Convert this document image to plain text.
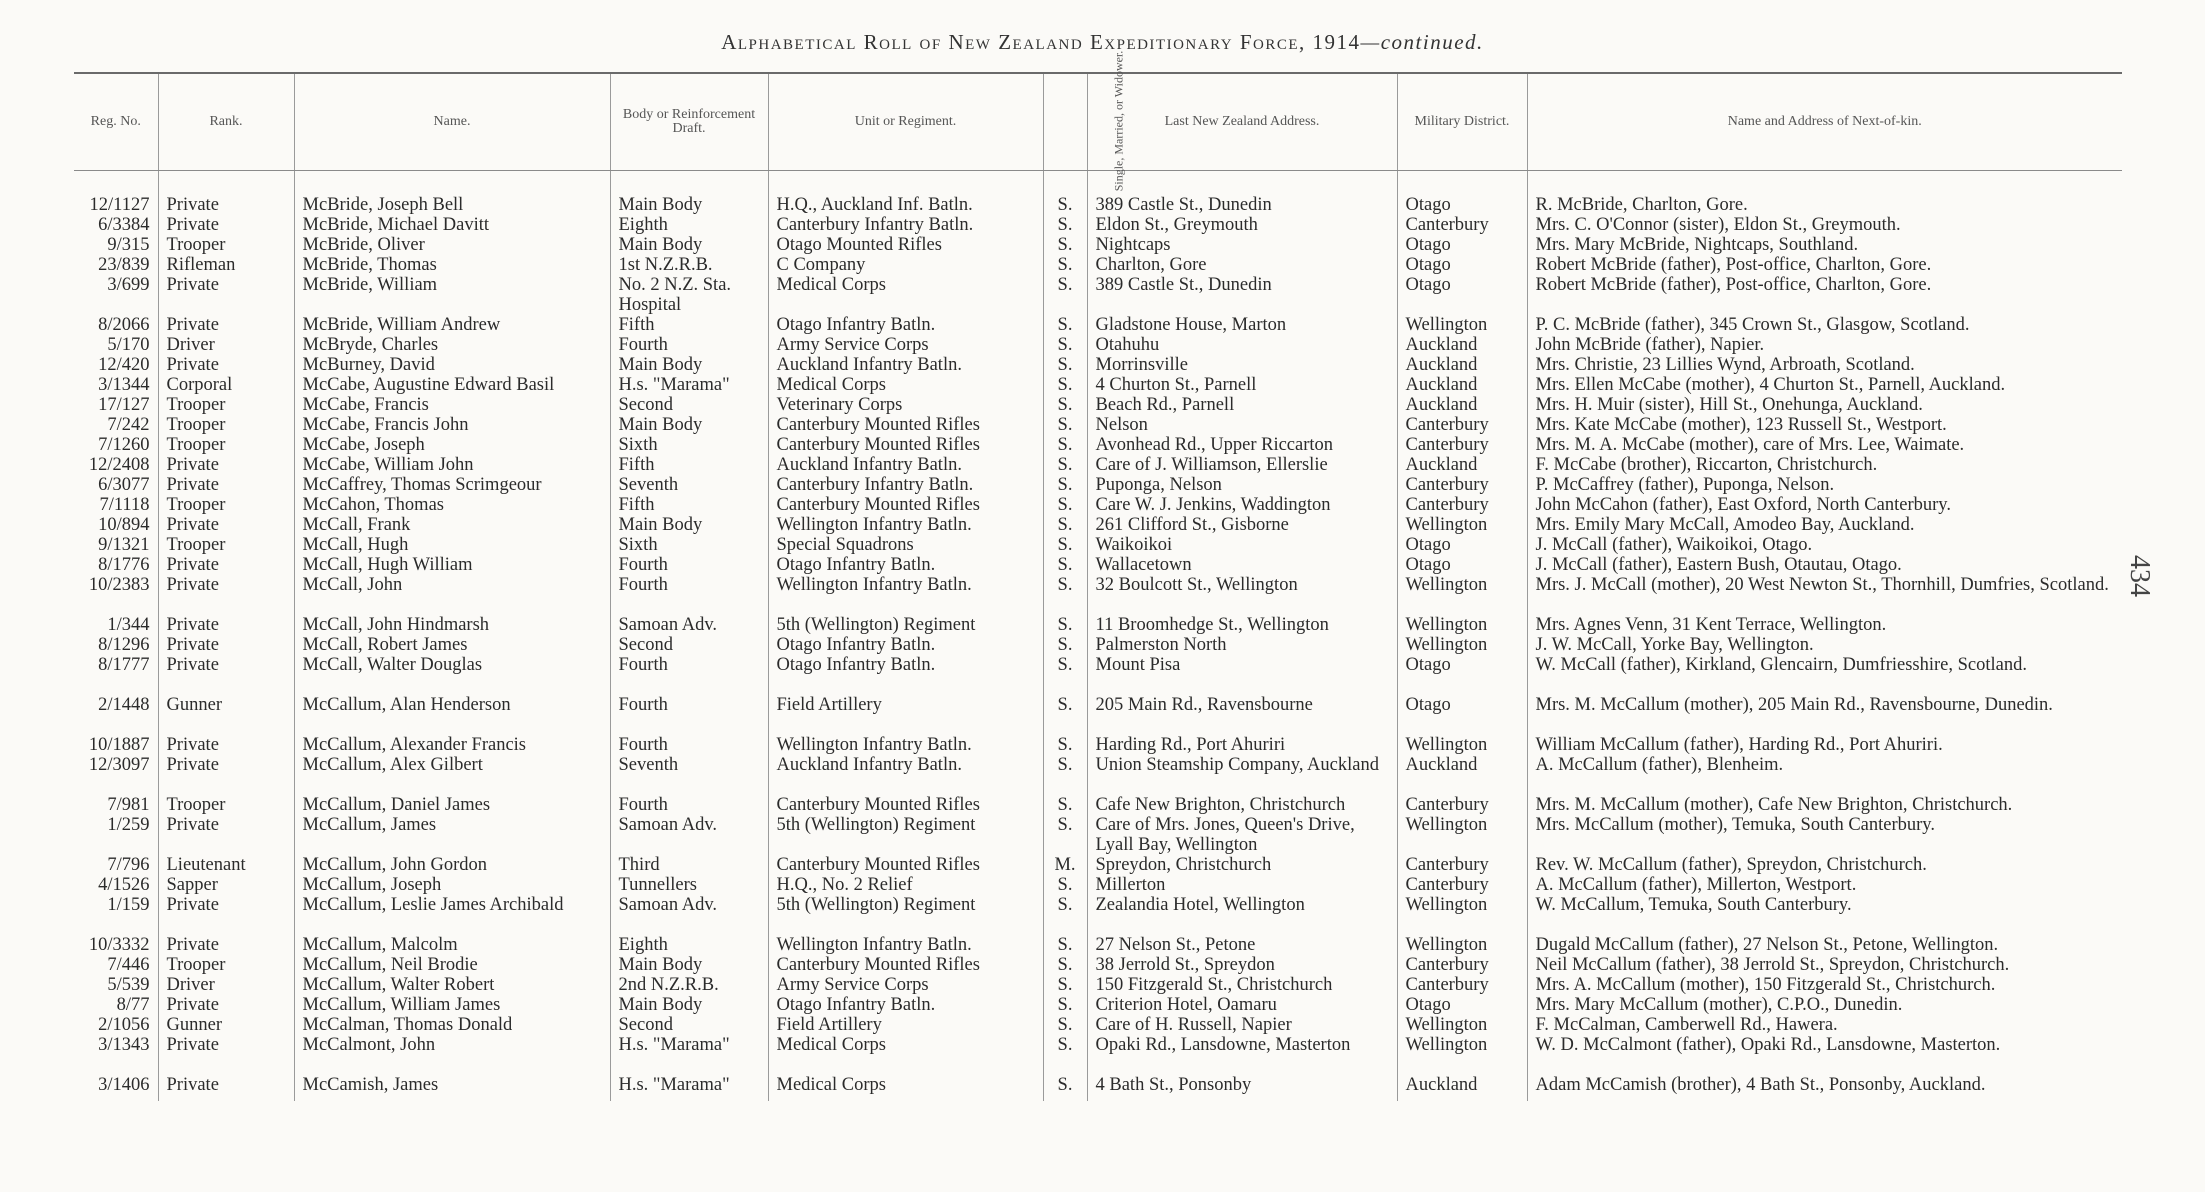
Alphabetical Roll of New Zealand Expeditionary Force, 1914—continued.
434
Reg. No.	Rank.	Name.	Body or Reinforcement Draft.	Unit or Regiment.	Single, Married, or Widower.	Last New Zealand Address.	Military District.	Name and Address of Next-of-kin.
12/1127	Private	McBride, Joseph Bell	Main Body	H.Q., Auckland Inf. Batln.	S.	389 Castle St., Dunedin	Otago	R. McBride, Charlton, Gore.
6/3384	Private	McBride, Michael Davitt	Eighth	Canterbury Infantry Batln.	S.	Eldon St., Greymouth	Canterbury	Mrs. C. O'Connor (sister), Eldon St., Greymouth.
9/315	Trooper	McBride, Oliver	Main Body	Otago Mounted Rifles	S.	Nightcaps	Otago	Mrs. Mary McBride, Nightcaps, Southland.
23/839	Rifleman	McBride, Thomas	1st N.Z.R.B.	C Company	S.	Charlton, Gore	Otago	Robert McBride (father), Post-office, Charlton, Gore.
3/699	Private	McBride, William	No. 2 N.Z. Sta. Hospital	Medical Corps	S.	389 Castle St., Dunedin	Otago	Robert McBride (father), Post-office, Charlton, Gore.
8/2066	Private	McBride, William Andrew	Fifth	Otago Infantry Batln.	S.	Gladstone House, Marton	Wellington	P. C. McBride (father), 345 Crown St., Glasgow, Scotland.
5/170	Driver	McBryde, Charles	Fourth	Army Service Corps	S.	Otahuhu	Auckland	John McBride (father), Napier.
12/420	Private	McBurney, David	Main Body	Auckland Infantry Batln.	S.	Morrinsville	Auckland	Mrs. Christie, 23 Lillies Wynd, Arbroath, Scotland.
3/1344	Corporal	McCabe, Augustine Edward Basil	H.s. "Marama"	Medical Corps	S.	4 Churton St., Parnell	Auckland	Mrs. Ellen McCabe (mother), 4 Churton St., Parnell, Auckland.
17/127	Trooper	McCabe, Francis	Second	Veterinary Corps	S.	Beach Rd., Parnell	Auckland	Mrs. H. Muir (sister), Hill St., Onehunga, Auckland.
7/242	Trooper	McCabe, Francis John	Main Body	Canterbury Mounted Rifles	S.	Nelson	Canterbury	Mrs. Kate McCabe (mother), 123 Russell St., Westport.
7/1260	Trooper	McCabe, Joseph	Sixth	Canterbury Mounted Rifles	S.	Avonhead Rd., Upper Riccarton	Canterbury	Mrs. M. A. McCabe (mother), care of Mrs. Lee, Waimate.
12/2408	Private	McCabe, William John	Fifth	Auckland Infantry Batln.	S.	Care of J. Williamson, Ellerslie	Auckland	F. McCabe (brother), Riccarton, Christchurch.
6/3077	Private	McCaffrey, Thomas Scrimgeour	Seventh	Canterbury Infantry Batln.	S.	Puponga, Nelson	Canterbury	P. McCaffrey (father), Puponga, Nelson.
7/1118	Trooper	McCahon, Thomas	Fifth	Canterbury Mounted Rifles	S.	Care W. J. Jenkins, Waddington	Canterbury	John McCahon (father), East Oxford, North Canterbury.
10/894	Private	McCall, Frank	Main Body	Wellington Infantry Batln.	S.	261 Clifford St., Gisborne	Wellington	Mrs. Emily Mary McCall, Amodeo Bay, Auckland.
9/1321	Trooper	McCall, Hugh	Sixth	Special Squadrons	S.	Waikoikoi	Otago	J. McCall (father), Waikoikoi, Otago.
8/1776	Private	McCall, Hugh William	Fourth	Otago Infantry Batln.	S.	Wallacetown	Otago	J. McCall (father), Eastern Bush, Otautau, Otago.
10/2383	Private	McCall, John	Fourth	Wellington Infantry Batln.	S.	32 Boulcott St., Wellington	Wellington	Mrs. J. McCall (mother), 20 West Newton St., Thornhill, Dumfries, Scotland.
1/344	Private	McCall, John Hindmarsh	Samoan Adv.	5th (Wellington) Regiment	S.	11 Broomhedge St., Wellington	Wellington	Mrs. Agnes Venn, 31 Kent Terrace, Wellington.
8/1296	Private	McCall, Robert James	Second	Otago Infantry Batln.	S.	Palmerston North	Wellington	J. W. McCall, Yorke Bay, Wellington.
8/1777	Private	McCall, Walter Douglas	Fourth	Otago Infantry Batln.	S.	Mount Pisa	Otago	W. McCall (father), Kirkland, Glencairn, Dumfriesshire, Scotland.
2/1448	Gunner	McCallum, Alan Henderson	Fourth	Field Artillery	S.	205 Main Rd., Ravensbourne	Otago	Mrs. M. McCallum (mother), 205 Main Rd., Ravensbourne, Dunedin.
10/1887	Private	McCallum, Alexander Francis	Fourth	Wellington Infantry Batln.	S.	Harding Rd., Port Ahuriri	Wellington	William McCallum (father), Harding Rd., Port Ahuriri.
12/3097	Private	McCallum, Alex Gilbert	Seventh	Auckland Infantry Batln.	S.	Union Steamship Company, Auckland	Auckland	A. McCallum (father), Blenheim.
7/981	Trooper	McCallum, Daniel James	Fourth	Canterbury Mounted Rifles	S.	Cafe New Brighton, Christchurch	Canterbury	Mrs. M. McCallum (mother), Cafe New Brighton, Christchurch.
1/259	Private	McCallum, James	Samoan Adv.	5th (Wellington) Regiment	S.	Care of Mrs. Jones, Queen's Drive, Lyall Bay, Wellington	Wellington	Mrs. McCallum (mother), Temuka, South Canterbury.
7/796	Lieutenant	McCallum, John Gordon	Third	Canterbury Mounted Rifles	M.	Spreydon, Christchurch	Canterbury	Rev. W. McCallum (father), Spreydon, Christchurch.
4/1526	Sapper	McCallum, Joseph	Tunnellers	H.Q., No. 2 Relief	S.	Millerton	Canterbury	A. McCallum (father), Millerton, Westport.
1/159	Private	McCallum, Leslie James Archibald	Samoan Adv.	5th (Wellington) Regiment	S.	Zealandia Hotel, Wellington	Wellington	W. McCallum, Temuka, South Canterbury.
10/3332	Private	McCallum, Malcolm	Eighth	Wellington Infantry Batln.	S.	27 Nelson St., Petone	Wellington	Dugald McCallum (father), 27 Nelson St., Petone, Wellington.
7/446	Trooper	McCallum, Neil Brodie	Main Body	Canterbury Mounted Rifles	S.	38 Jerrold St., Spreydon	Canterbury	Neil McCallum (father), 38 Jerrold St., Spreydon, Christchurch.
5/539	Driver	McCallum, Walter Robert	2nd N.Z.R.B.	Army Service Corps	S.	150 Fitzgerald St., Christchurch	Canterbury	Mrs. A. McCallum (mother), 150 Fitzgerald St., Christchurch.
8/77	Private	McCallum, William James	Main Body	Otago Infantry Batln.	S.	Criterion Hotel, Oamaru	Otago	Mrs. Mary McCallum (mother), C.P.O., Dunedin.
2/1056	Gunner	McCalman, Thomas Donald	Second	Field Artillery	S.	Care of H. Russell, Napier	Wellington	F. McCalman, Camberwell Rd., Hawera.
3/1343	Private	McCalmont, John	H.s. "Marama"	Medical Corps	S.	Opaki Rd., Lansdowne, Masterton	Wellington	W. D. McCalmont (father), Opaki Rd., Lansdowne, Masterton.
3/1406	Private	McCamish, James	H.s. "Marama"	Medical Corps	S.	4 Bath St., Ponsonby	Auckland	Adam McCamish (brother), 4 Bath St., Ponsonby, Auckland.
